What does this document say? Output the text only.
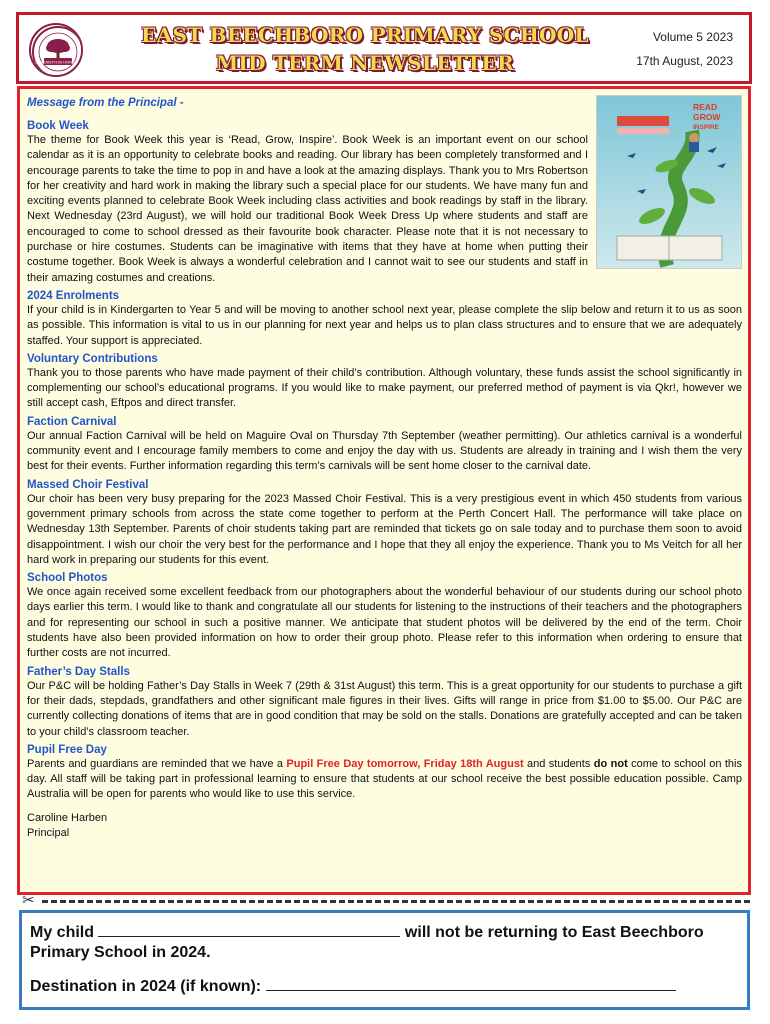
STRENGTH IN HONOUR
EAST BEECHBORO PRIMARY SCHOOL
MID TERM NEWSLETTER
Volume 5 2023
17th August, 2023
READ
GROW
INSPIRE
Message from the Principal -
Book Week
The theme for Book Week this year is ‘Read, Grow, Inspire’. Book Week is an important event on our school calendar as it is an opportunity to celebrate books and reading. Our library has been completely transformed and I encourage parents to take the time to pop in and have a look at the amazing displays. Thank you to Mrs Robertson for her creativity and hard work in making the library such a special place for our students. We have many fun and exciting events planned to celebrate Book Week including class activities and book readings by staff in the library. Next Wednesday (23rd August), we will hold our traditional Book Week Dress Up where students and staff are encouraged to come to school dressed as their favourite book character. Please note that it is not necessary to purchase or hire costumes. Students can be imaginative with items that they have at home when putting their costume together. Book Week is always a wonderful celebration and I cannot wait to see our students and staff in their amazing costumes and creations.
2024 Enrolments
If your child is in Kindergarten to Year 5 and will be moving to another school next year, please complete the slip below and return it to us as soon as possible. This information is vital to us in our planning for next year and helps us to plan class structures and to ensure that we are adequately staffed. Your support is appreciated.
Voluntary Contributions
Thank you to those parents who have made payment of their child’s contribution. Although voluntary, these funds assist the school significantly in complementing our school’s educational programs. If you would like to make payment, our preferred method of payment is via Qkr!, however we still accept cash, Eftpos and direct transfer.
Faction Carnival
Our annual Faction Carnival will be held on Maguire Oval on Thursday 7th September (weather permitting). Our athletics carnival is a wonderful community event and I encourage family members to come and enjoy the day with us. Students are already in training and I wish them the very best for their events. Further information regarding this term’s carnivals will be sent home closer to the carnival date.
Massed Choir Festival
Our choir has been very busy preparing for the 2023 Massed Choir Festival. This is a very prestigious event in which 450 students from various government primary schools from across the state come together to perform at the Perth Concert Hall. The performance will take place on Wednesday 13th September. Parents of choir students taking part are reminded that tickets go on sale today and to purchase them soon to avoid disappointment. I wish our choir the very best for the performance and I hope that they all enjoy the experience. Thank you to Ms Veitch for all her hard work in preparing our students for this event.
School Photos
We once again received some excellent feedback from our photographers about the wonderful behaviour of our students during our school photo days earlier this term. I would like to thank and congratulate all our students for listening to the instructions of their teachers and the photographers and for representing our school in such a positive manner. We anticipate that student photos will be delivered by the end of the term. Choir students have also been provided information on how to order their group photo. Please refer to this information when ordering to ensure that further costs are not incurred.
Father’s Day Stalls
Our P&C will be holding Father’s Day Stalls in Week 7 (29th & 31st August) this term. This is a great opportunity for our students to purchase a gift for their dads, stepdads, grandfathers and other significant male figures in their lives. Gifts will range in price from $1.00 to $5.00. Our P&C are currently collecting donations of items that are in good condition that may be sold on the stalls. Donations are gratefully accepted and can be taken to your child’s classroom teacher.
Pupil Free Day
Parents and guardians are reminded that we have a Pupil Free Day tomorrow, Friday 18th August and students do not come to school on this day. All staff will be taking part in professional learning to ensure that students at our school receive the best possible education possible. Camp Australia will be open for parents who would like to use this service.
Caroline Harben
Principal
✂
My child	will not be returning to East Beechboro
Primary School in 2024.
Destination in 2024 (if known):
